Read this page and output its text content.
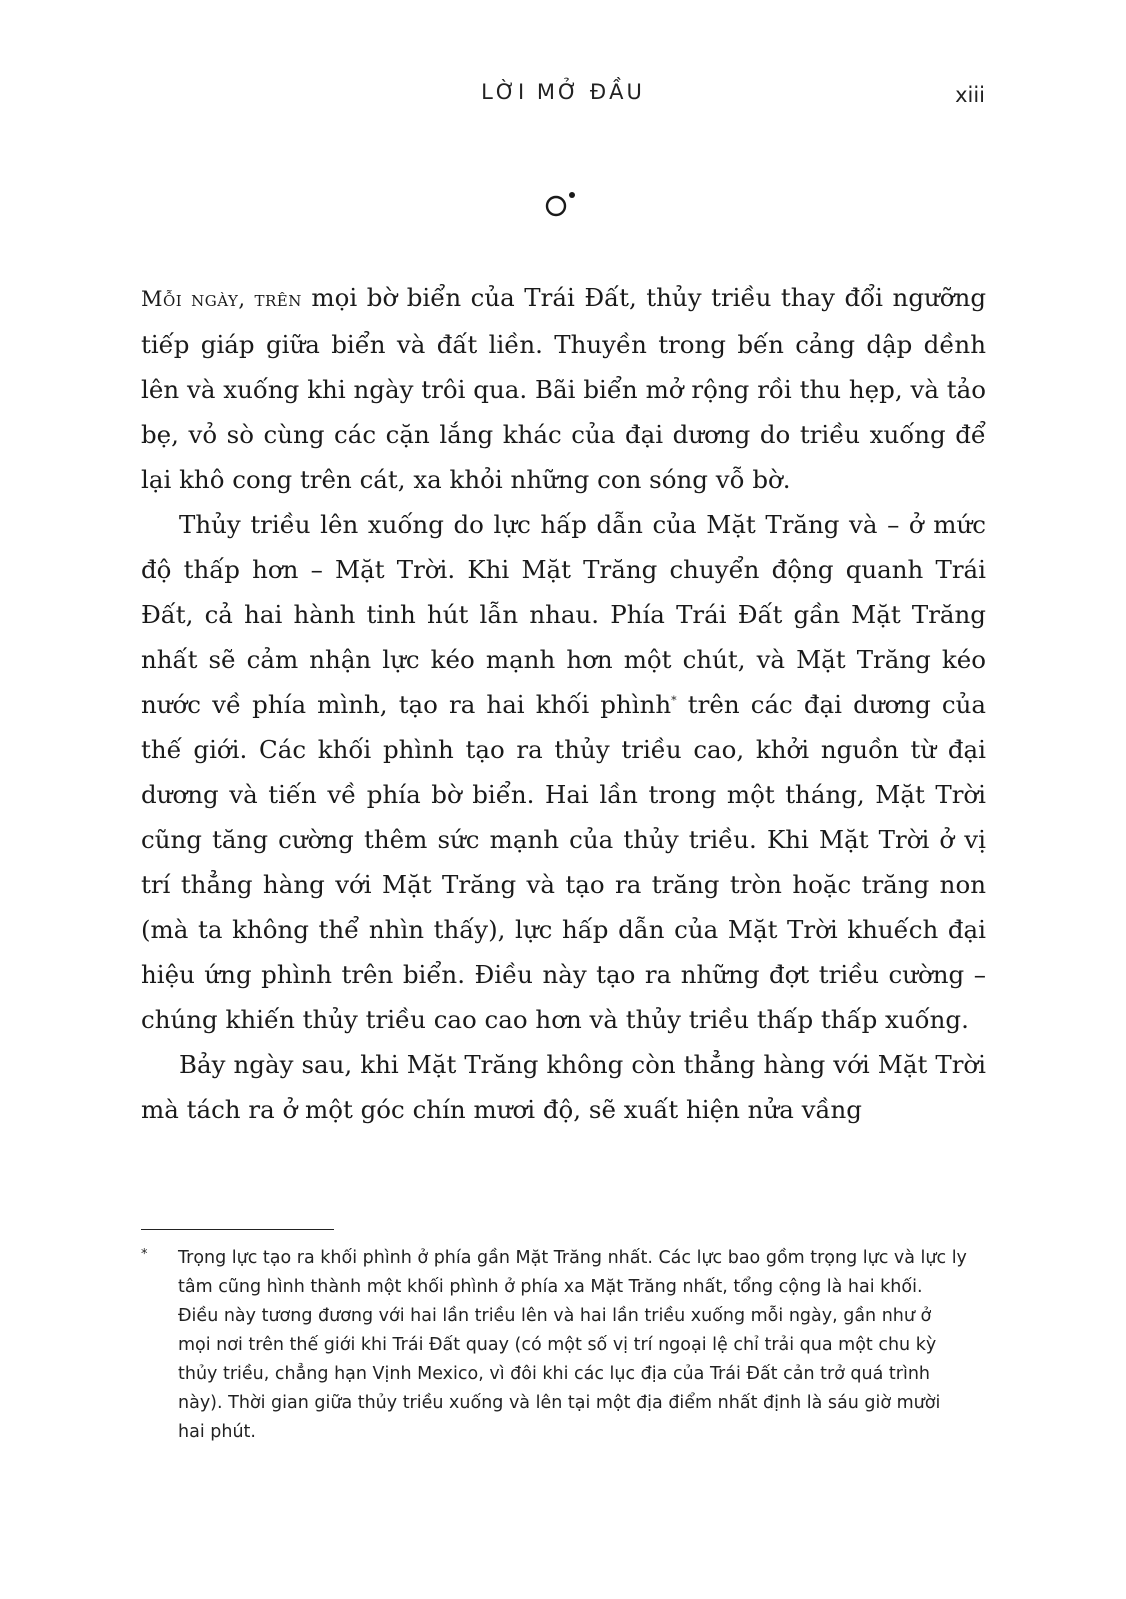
LỜI MỞ ĐẦU	xiii

Mỗi ngày, trên mọi bờ biển của Trái Đất, thủy triều thay đổi ngưỡng tiếp giáp giữa biển và đất liền. Thuyền trong bến cảng dập dềnh lên và xuống khi ngày trôi qua. Bãi biển mở rộng rồi thu hẹp, và tảo bẹ, vỏ sò cùng các cặn lắng khác của đại dương do triều xuống để lại khô cong trên cát, xa khỏi những con sóng vỗ bờ.

Thủy triều lên xuống do lực hấp dẫn của Mặt Trăng và – ở mức độ thấp hơn – Mặt Trời. Khi Mặt Trăng chuyển động quanh Trái Đất, cả hai hành tinh hút lẫn nhau. Phía Trái Đất gần Mặt Trăng nhất sẽ cảm nhận lực kéo mạnh hơn một chút, và Mặt Trăng kéo nước về phía mình, tạo ra hai khối phình* trên các đại dương của thế giới. Các khối phình tạo ra thủy triều cao, khởi nguồn từ đại dương và tiến về phía bờ biển. Hai lần trong một tháng, Mặt Trời cũng tăng cường thêm sức mạnh của thủy triều. Khi Mặt Trời ở vị trí thẳng hàng với Mặt Trăng và tạo ra trăng tròn hoặc trăng non (mà ta không thể nhìn thấy), lực hấp dẫn của Mặt Trời khuếch đại hiệu ứng phình trên biển. Điều này tạo ra những đợt triều cường – chúng khiến thủy triều cao cao hơn và thủy triều thấp thấp xuống.

Bảy ngày sau, khi Mặt Trăng không còn thẳng hàng với Mặt Trời mà tách ra ở một góc chín mươi độ, sẽ xuất hiện nửa vầng

* Trọng lực tạo ra khối phình ở phía gần Mặt Trăng nhất. Các lực bao gồm trọng lực và lực ly tâm cũng hình thành một khối phình ở phía xa Mặt Trăng nhất, tổng cộng là hai khối. Điều này tương đương với hai lần triều lên và hai lần triều xuống mỗi ngày, gần như ở mọi nơi trên thế giới khi Trái Đất quay (có một số vị trí ngoại lệ chỉ trải qua một chu kỳ thủy triều, chẳng hạn Vịnh Mexico, vì đôi khi các lục địa của Trái Đất cản trở quá trình này). Thời gian giữa thủy triều xuống và lên tại một địa điểm nhất định là sáu giờ mười hai phút.
